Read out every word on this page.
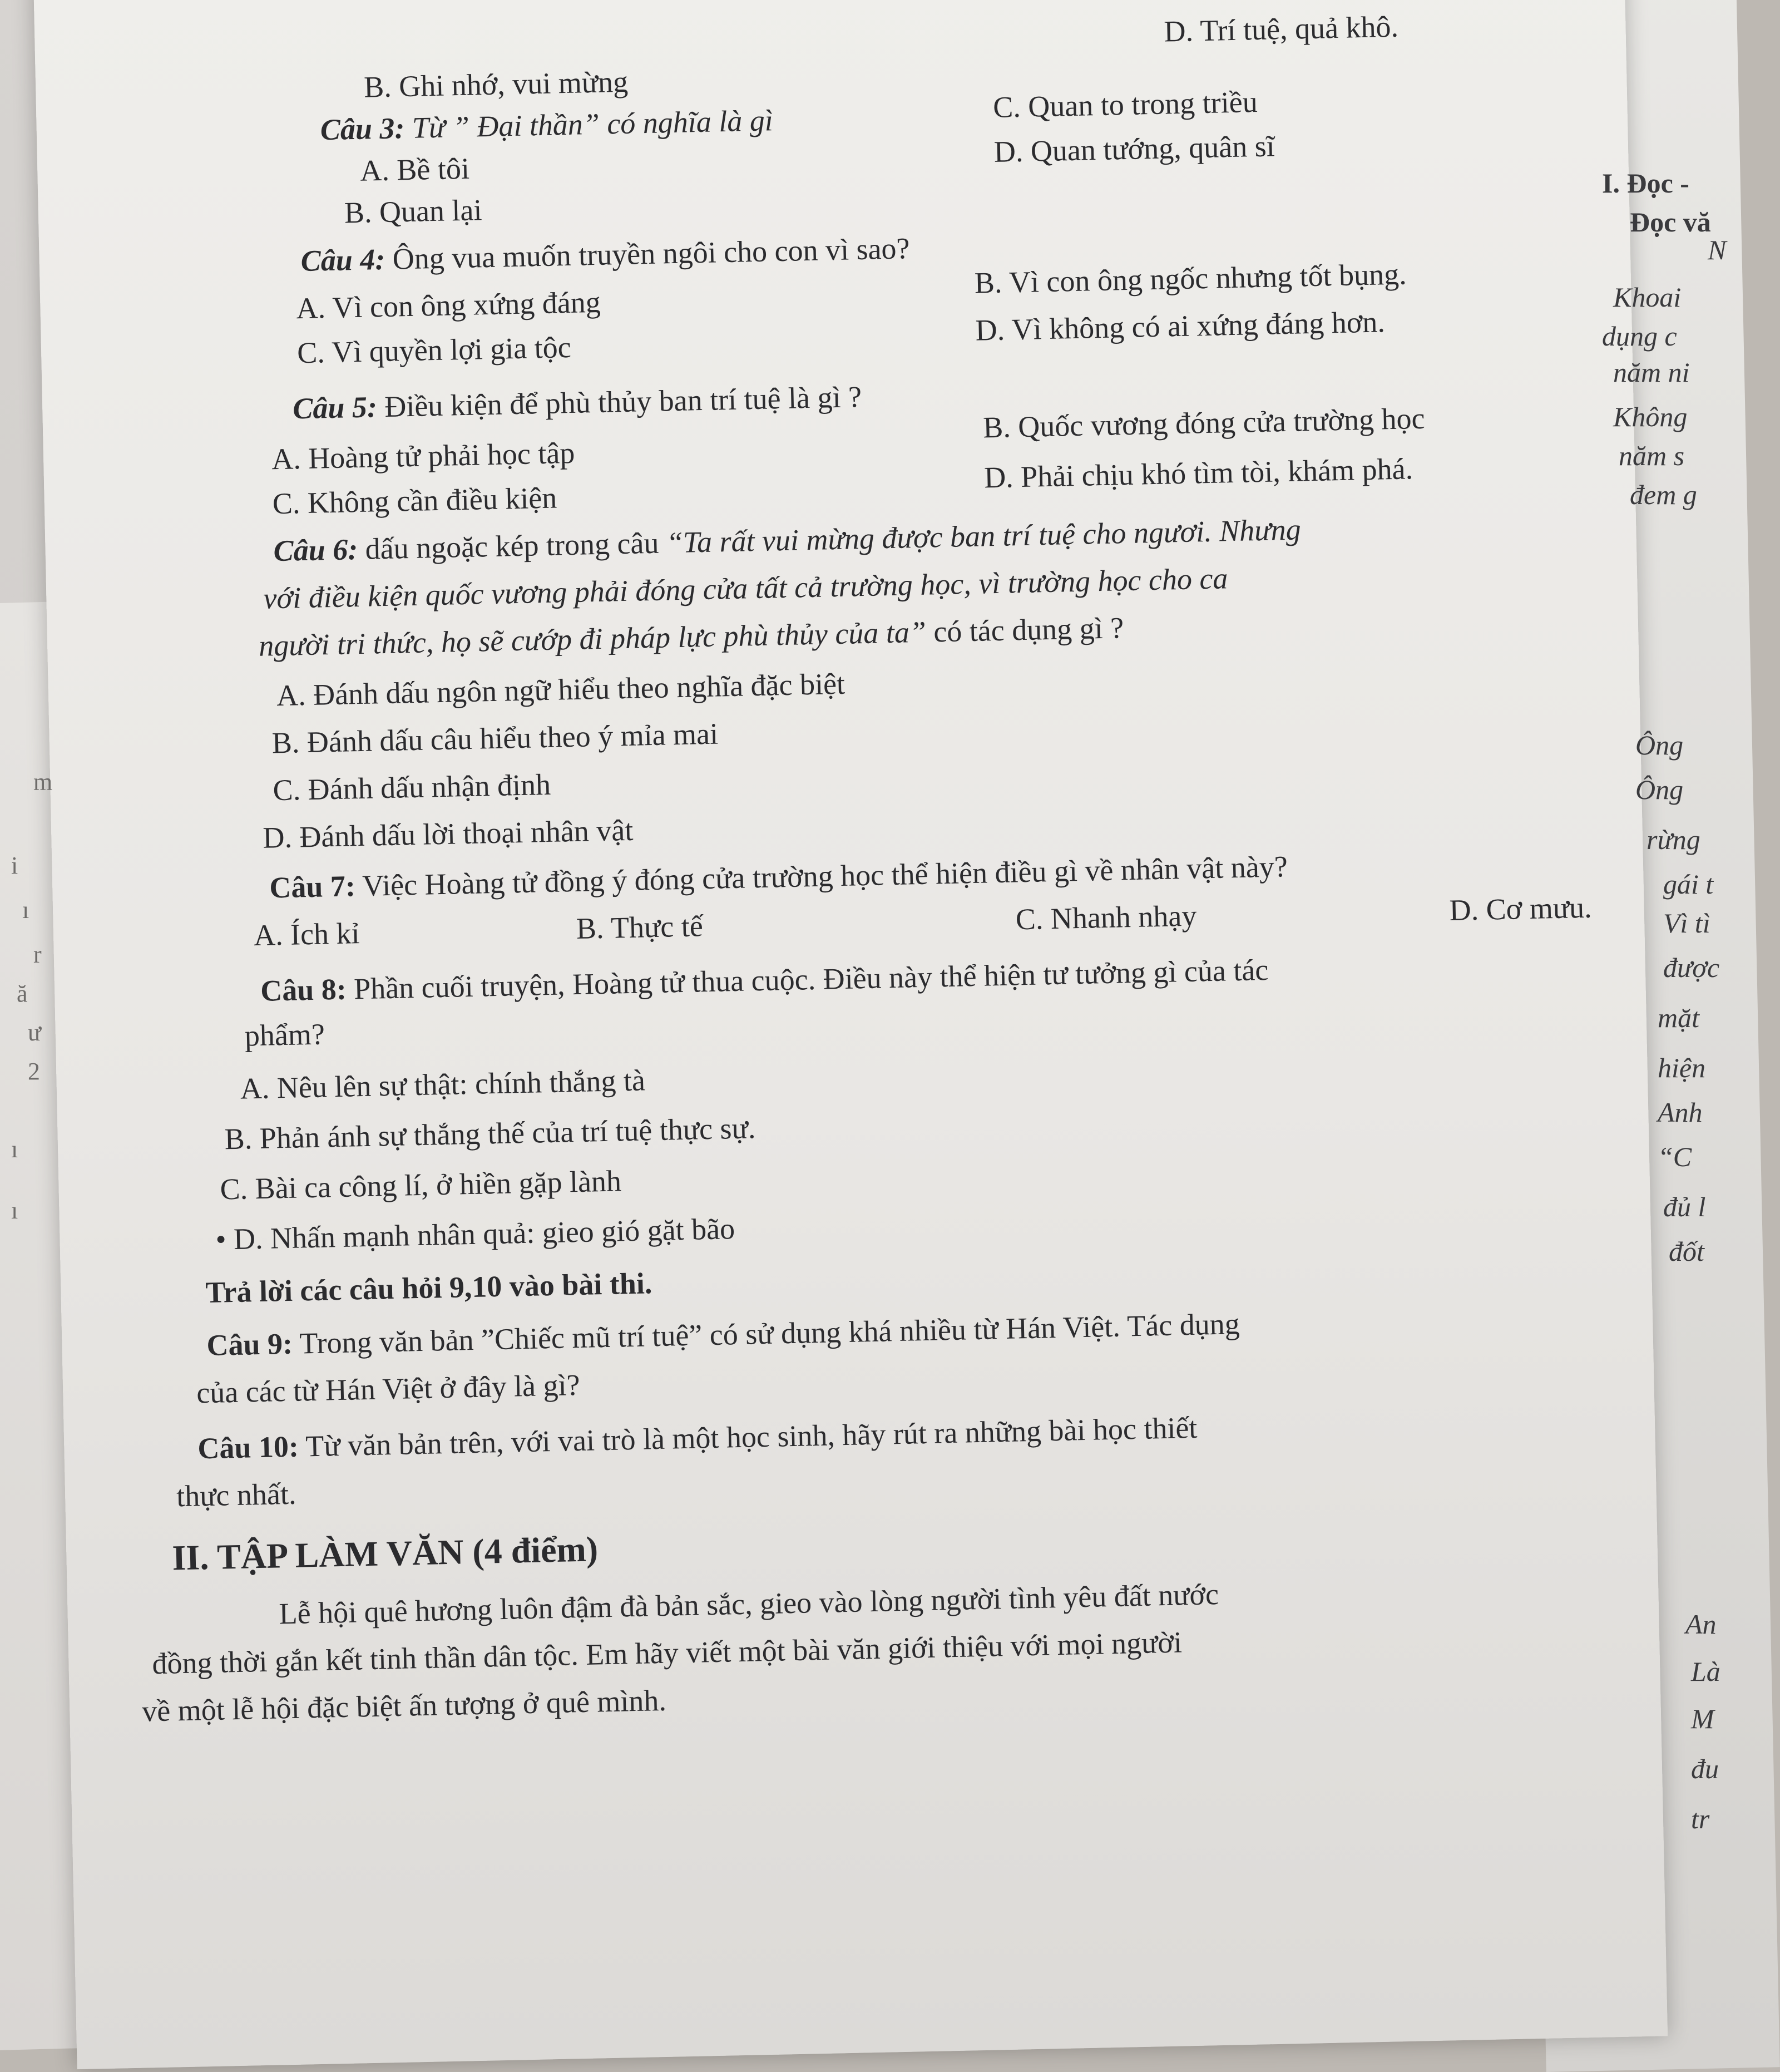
D. Trí tuệ, quả khô.
B. Ghi nhớ, vui mừng
Câu 3: Từ ” Đại thần” có nghĩa là gì	C. Quan to trong triều
A. Bề tôi
D. Quan tướng, quân sĩ
B. Quan lại
Câu 4: Ông vua muốn truyền ngôi cho con vì sao?
B. Vì con ông ngốc nhưng tốt bụng.
A. Vì con ông xứng đáng	D. Vì không có ai xứng đáng hơn.
C. Vì quyền lợi gia tộc
Câu 5: Điều kiện để phù thủy ban trí tuệ là gì ?	B. Quốc vương đóng cửa trường học
A. Hoàng tử phải học tập	D. Phải chịu khó tìm tòi, khám phá.
C. Không cần điều kiện
Câu 6: dấu ngoặc kép trong câu “Ta rất vui mừng được ban trí tuệ cho ngươi. Nhưng
với điều kiện quốc vương phải đóng cửa tất cả trường học, vì trường học cho ca
người tri thức, họ sẽ cướp đi pháp lực phù thủy của ta” có tác dụng gì ?
A. Đánh dấu ngôn ngữ hiểu theo nghĩa đặc biệt
B. Đánh dấu câu hiểu theo ý mỉa mai
C. Đánh dấu nhận định
D. Đánh dấu lời thoại nhân vật
Câu 7: Việc Hoàng tử đồng ý đóng cửa trường học thể hiện điều gì về nhân vật này?
A. Ích kỉ	B. Thực tế	C. Nhanh nhạy	D. Cơ mưu.
Câu 8: Phần cuối truyện, Hoàng tử thua cuộc. Điều này thể hiện tư tưởng gì của tác
phẩm?
A. Nêu lên sự thật: chính thắng tà
B. Phản ánh sự thắng thế của trí tuệ thực sự.
C. Bài ca công lí, ở hiền gặp lành
• D. Nhấn mạnh nhân quả: gieo gió gặt bão
Trả lời các câu hỏi 9,10 vào bài thi.
Câu 9: Trong văn bản ”Chiếc mũ trí tuệ” có sử dụng khá nhiều từ Hán Việt. Tác dụng
của các từ Hán Việt ở đây là gì?
Câu 10: Từ văn bản trên, với vai trò là một học sinh, hãy rút ra những bài học thiết
thực nhất.
II. TẬP LÀM VĂN (4 điểm)
Lễ hội quê hương luôn đậm đà bản sắc, gieo vào lòng người tình yêu đất nước
đồng thời gắn kết tinh thần dân tộc. Em hãy viết một bài văn giới thiệu với mọi người
về một lễ hội đặc biệt ấn tượng ở quê mình.
I. Đọc -
Đọc vă
N
Khoai
dụng c
năm ni
Không
năm s
đem g
Ông
Ông
rừng
gái t
Vì tì
được
mặt
hiện
Anh
“C
đủ l
đốt
An
Là
M
đu
tr
m
i
ı
r
ă
ư
2
ı
ı
